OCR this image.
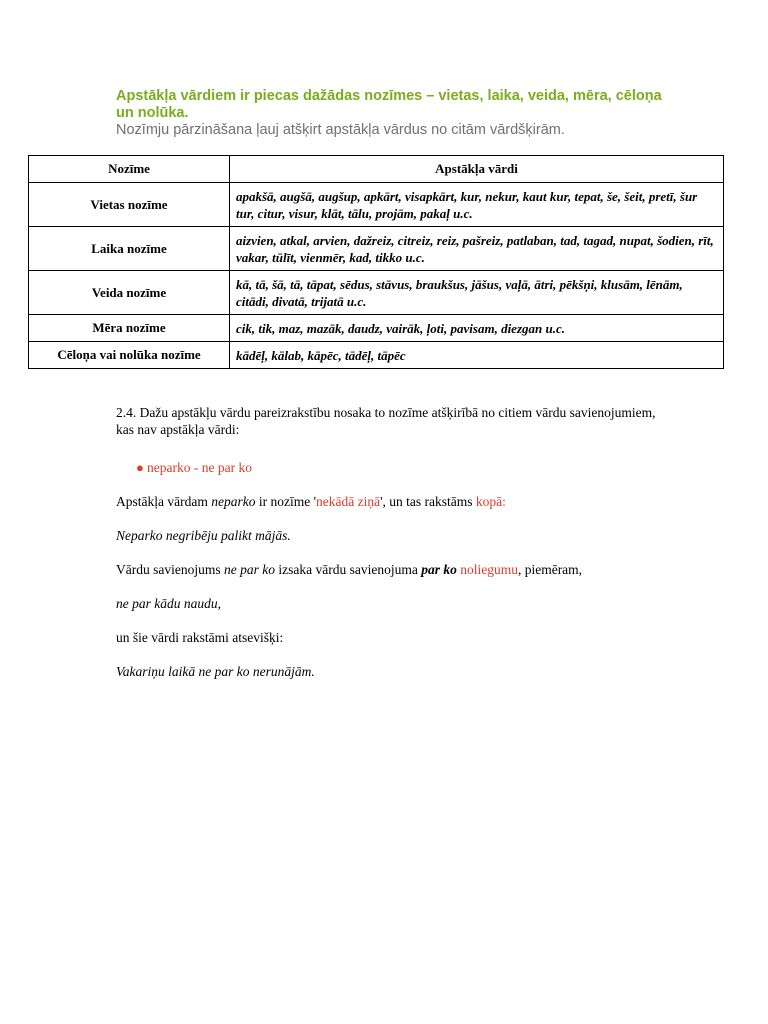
Apstākļa vārdiem ir piecas dažādas nozīmes – vietas, laika, veida, mēra, cēloņa un nolūka.
Nozīmju pārzināšana ļauj atšķirt apstākļa vārdus no citām vārdšķirām.
Nozīme	Apstākļa vārdi
Vietas nozīme	apakšā, augšā, augšup, apkārt, visapkārt, kur, nekur, kaut kur, tepat, še, šeit, pretī, šur tur, citur, visur, klāt, tālu, projām, pakaļ u.c.
Laika nozīme	aizvien, atkal, arvien, dažreiz, citreiz, reiz, pašreiz, patlaban, tad, tagad, nupat, šodien, rīt, vakar, tūlīt, vienmēr, kad, tikko u.c.
Veida nozīme	kā, tā, šā, tā, tāpat, sēdus, stāvus, braukšus, jāšus, vaļā, ātri, pēkšņi, klusām, lēnām, citādi, divatā, trijatā u.c.
Mēra nozīme	cik, tik, maz, mazāk, daudz, vairāk, ļoti, pavisam, diezgan u.c.
Cēloņa vai nolūka nozīme	kādēļ, kālab, kāpēc, tādēļ, tāpēc

2.4. Dažu apstākļu vārdu pareizrakstību nosaka to nozīme atšķirībā no citiem vārdu savienojumiem, kas nav apstākļa vārdi:

● neparko - ne par ko

Apstākļa vārdam neparko ir nozīme 'nekādā ziņā', un tas rakstāms kopā:

Neparko negribēju palikt mājās.

Vārdu savienojums ne par ko izsaka vārdu savienojuma par ko noliegumu, piemēram,

ne par kādu naudu,

un šie vārdi rakstāmi atsevišķi:

Vakariņu laikā ne par ko nerunājām.
